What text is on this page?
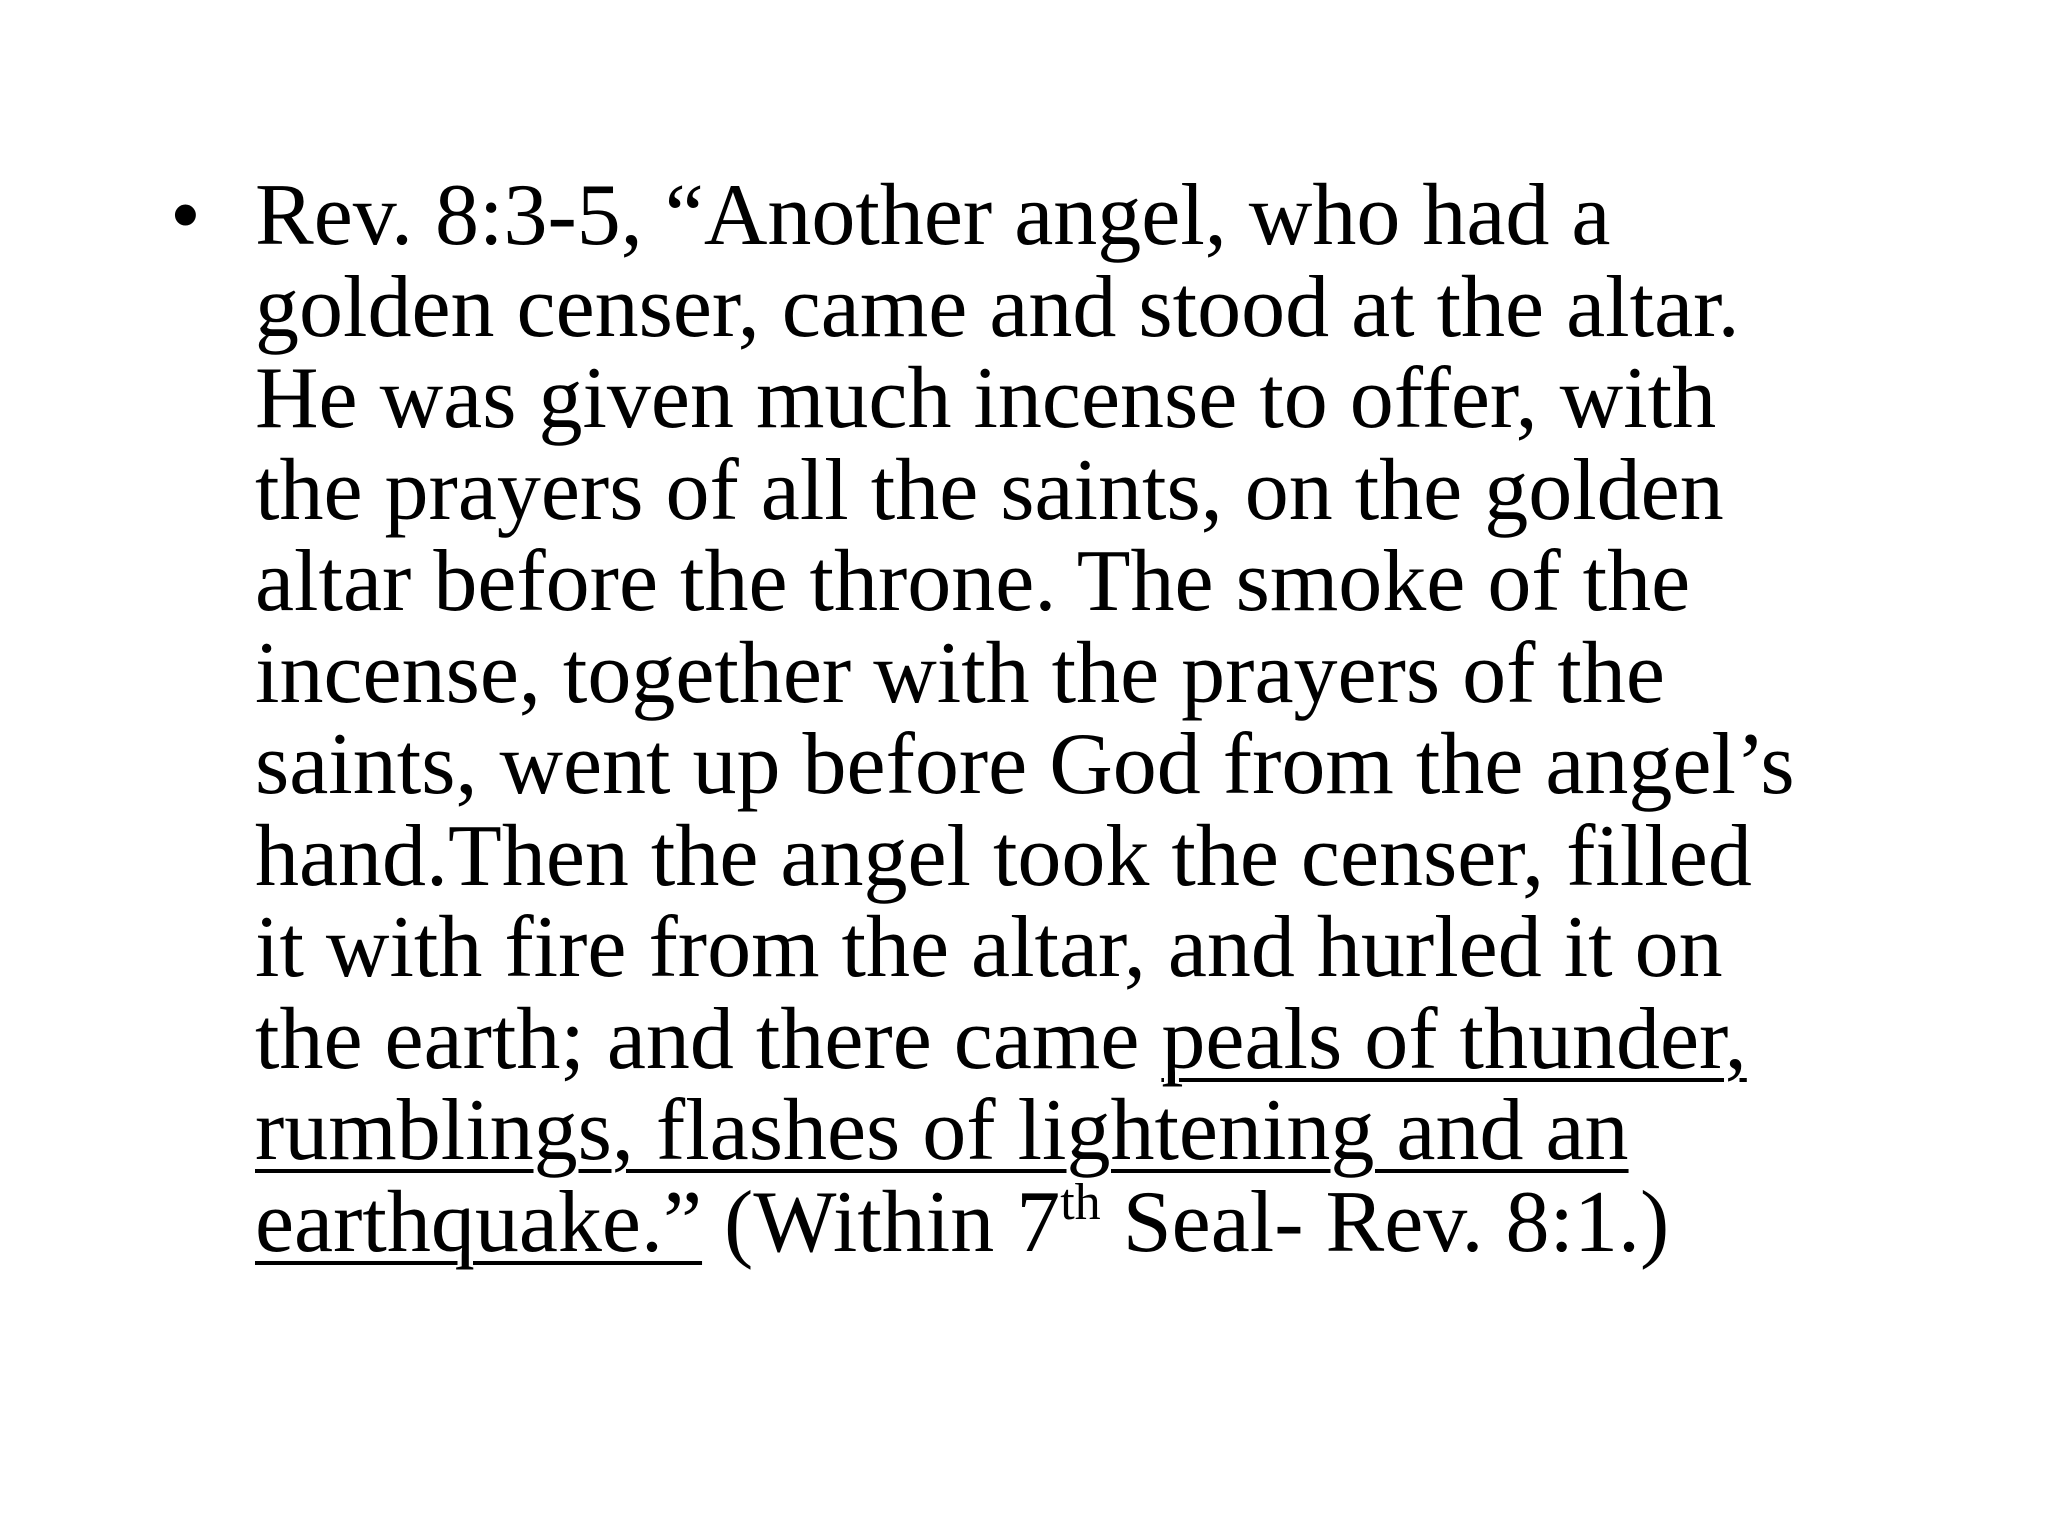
• Rev. 8:3-5, “Another angel, who had a
golden censer, came and stood at the altar.
He was given much incense to offer, with
the prayers of all the saints, on the golden
altar before the throne. The smoke of the
incense, together with the prayers of the
saints, went up before God from the angel’s
hand.Then the angel took the censer, filled
it with fire from the altar, and hurled it on
the earth; and there came peals of thunder,
rumblings, flashes of lightening and an
earthquake.” (Within 7th Seal- Rev. 8:1.)
